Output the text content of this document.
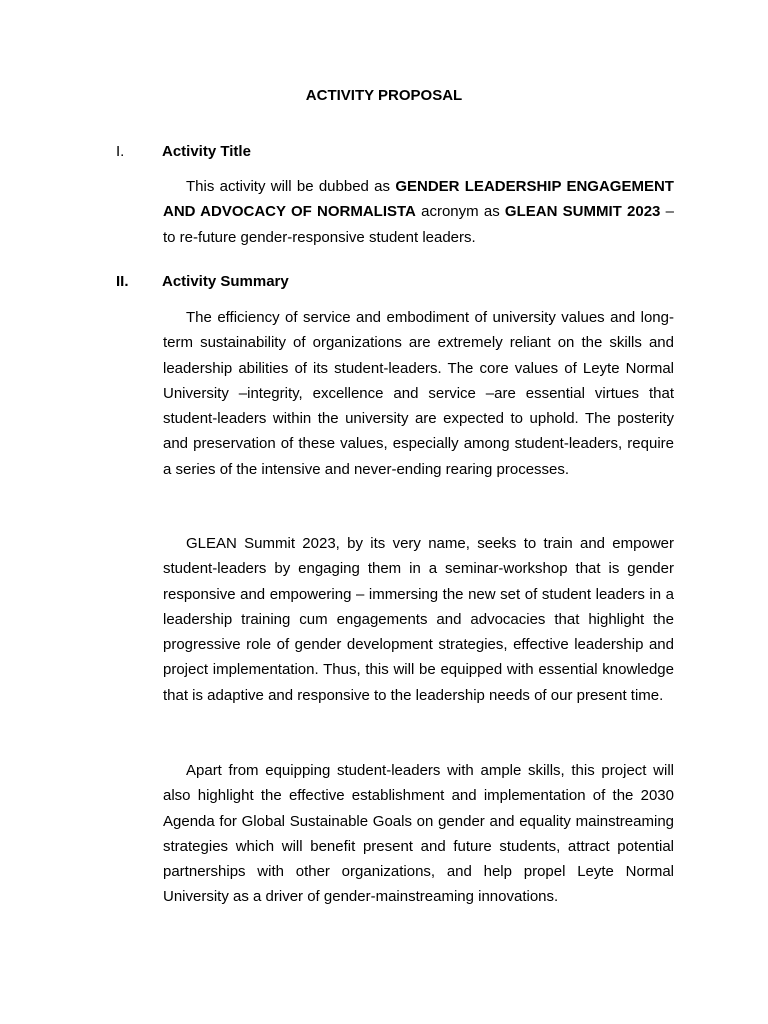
ACTIVITY PROPOSAL
I.	Activity Title

This activity will be dubbed as GENDER LEADERSHIP ENGAGEMENT AND ADVOCACY OF NORMALISTA acronym as GLEAN SUMMIT 2023 –to re-future gender-responsive student leaders.

II. Activity Summary

The efficiency of service and embodiment of university values and long-term sustainability of organizations are extremely reliant on the skills and leadership abilities of its student-leaders. The core values of Leyte Normal University –integrity, excellence and service –are essential virtues that student-leaders within the university are expected to uphold. The posterity and preservation of these values, especially among student-leaders, require a series of the intensive and never-ending rearing processes.

GLEAN Summit 2023, by its very name, seeks to train and empower student-leaders by engaging them in a seminar-workshop that is gender responsive and empowering – immersing the new set of student leaders in a leadership training cum engagements and advocacies that highlight the progressive role of gender development strategies, effective leadership and project implementation. Thus, this will be equipped with essential knowledge that is adaptive and responsive to the leadership needs of our present time.

Apart from equipping student-leaders with ample skills, this project will also highlight the effective establishment and implementation of the 2030 Agenda for Global Sustainable Goals on gender and equality mainstreaming strategies which will benefit present and future students, attract potential partnerships with other organizations, and help propel Leyte Normal University as a driver of gender-mainstreaming innovations.
